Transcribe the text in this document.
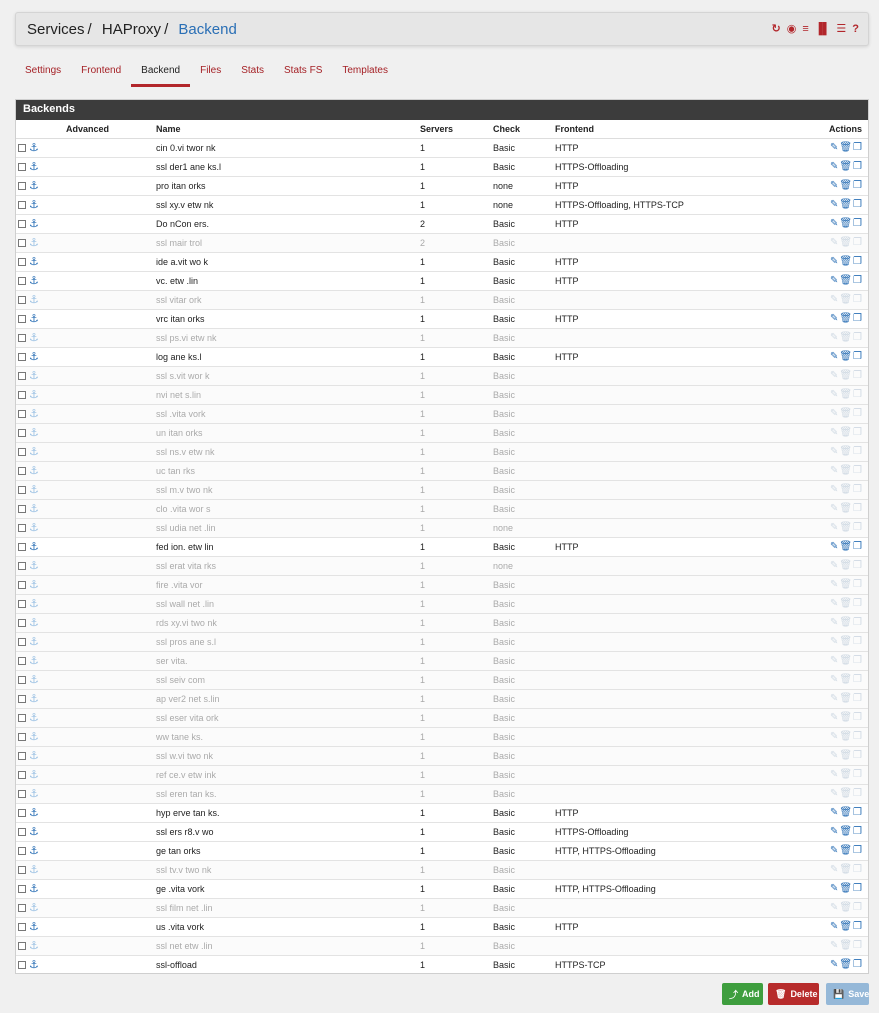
Services / HAProxy / Backend	↻ ◉ ≡ ▐▌ ☰ ?
Settings	Frontend	Backend	Files	Stats	Stats FS	Templates
Backends
	Advanced	Name	Servers	Check	Frontend	Actions
⚓		cin 0.vi twor nk	1	Basic	HTTP	✎🗑❐
⚓		ssl der1 ane ks.l	1	Basic	HTTPS-Offloading	✎🗑❐
⚓		pro itan orks	1	none	HTTP	✎🗑❐
⚓		ssl xy.v etw nk	1	none	HTTPS-Offloading, HTTPS-TCP	✎🗑❐
⚓		Do nCon ers.	2	Basic	HTTP	✎🗑❐
⚓		ssl mair trol	2	Basic		✎🗑❐
⚓		ide a.vit wo k	1	Basic	HTTP	✎🗑❐
⚓		vc. etw .lin	1	Basic	HTTP	✎🗑❐
⚓		ssl vitar ork	1	Basic		✎🗑❐
⚓		vrc itan orks	1	Basic	HTTP	✎🗑❐
⚓		ssl ps.vi etw nk	1	Basic		✎🗑❐
⚓		log ane ks.l	1	Basic	HTTP	✎🗑❐
⚓		ssl s.vit wor k	1	Basic		✎🗑❐
⚓		nvi net s.lin	1	Basic		✎🗑❐
⚓		ssl .vita vork	1	Basic		✎🗑❐
⚓		un itan orks	1	Basic		✎🗑❐
⚓		ssl ns.v etw nk	1	Basic		✎🗑❐
⚓		uc tan rks	1	Basic		✎🗑❐
⚓		ssl m.v two nk	1	Basic		✎🗑❐
⚓		clo .vita wor s	1	Basic		✎🗑❐
⚓		ssl udia net .lin	1	none		✎🗑❐
⚓		fed ion. etw lin	1	Basic	HTTP	✎🗑❐
⚓		ssl erat vita rks	1	none		✎🗑❐
⚓		fire .vita vor	1	Basic		✎🗑❐
⚓		ssl wall net .lin	1	Basic		✎🗑❐
⚓		rds xy.vi two nk	1	Basic		✎🗑❐
⚓		ssl pros ane s.l	1	Basic		✎🗑❐
⚓		ser vita.	1	Basic		✎🗑❐
⚓		ssl seiv com	1	Basic		✎🗑❐
⚓		ap ver2 net s.lin	1	Basic		✎🗑❐
⚓		ssl eser vita ork	1	Basic		✎🗑❐
⚓		ww tane ks.	1	Basic		✎🗑❐
⚓		ssl w.vi two nk	1	Basic		✎🗑❐
⚓		ref ce.v etw ink	1	Basic		✎🗑❐
⚓		ssl eren tan ks.	1	Basic		✎🗑❐
⚓		hyp erve tan ks.	1	Basic	HTTP	✎🗑❐
⚓		ssl ers r8.v wo	1	Basic	HTTPS-Offloading	✎🗑❐
⚓		ge tan orks	1	Basic	HTTP, HTTPS-Offloading	✎🗑❐
⚓		ssl tv.v two nk	1	Basic		✎🗑❐
⚓		ge .vita vork	1	Basic	HTTP, HTTPS-Offloading	✎🗑❐
⚓		ssl film net .lin	1	Basic		✎🗑❐
⚓		us .vita vork	1	Basic	HTTP	✎🗑❐
⚓		ssl net etw .lin	1	Basic		✎🗑❐
⚓		ssl-offload	1	Basic	HTTPS-TCP	✎🗑❐
⤴ Add 🗑 Delete 💾 Save
